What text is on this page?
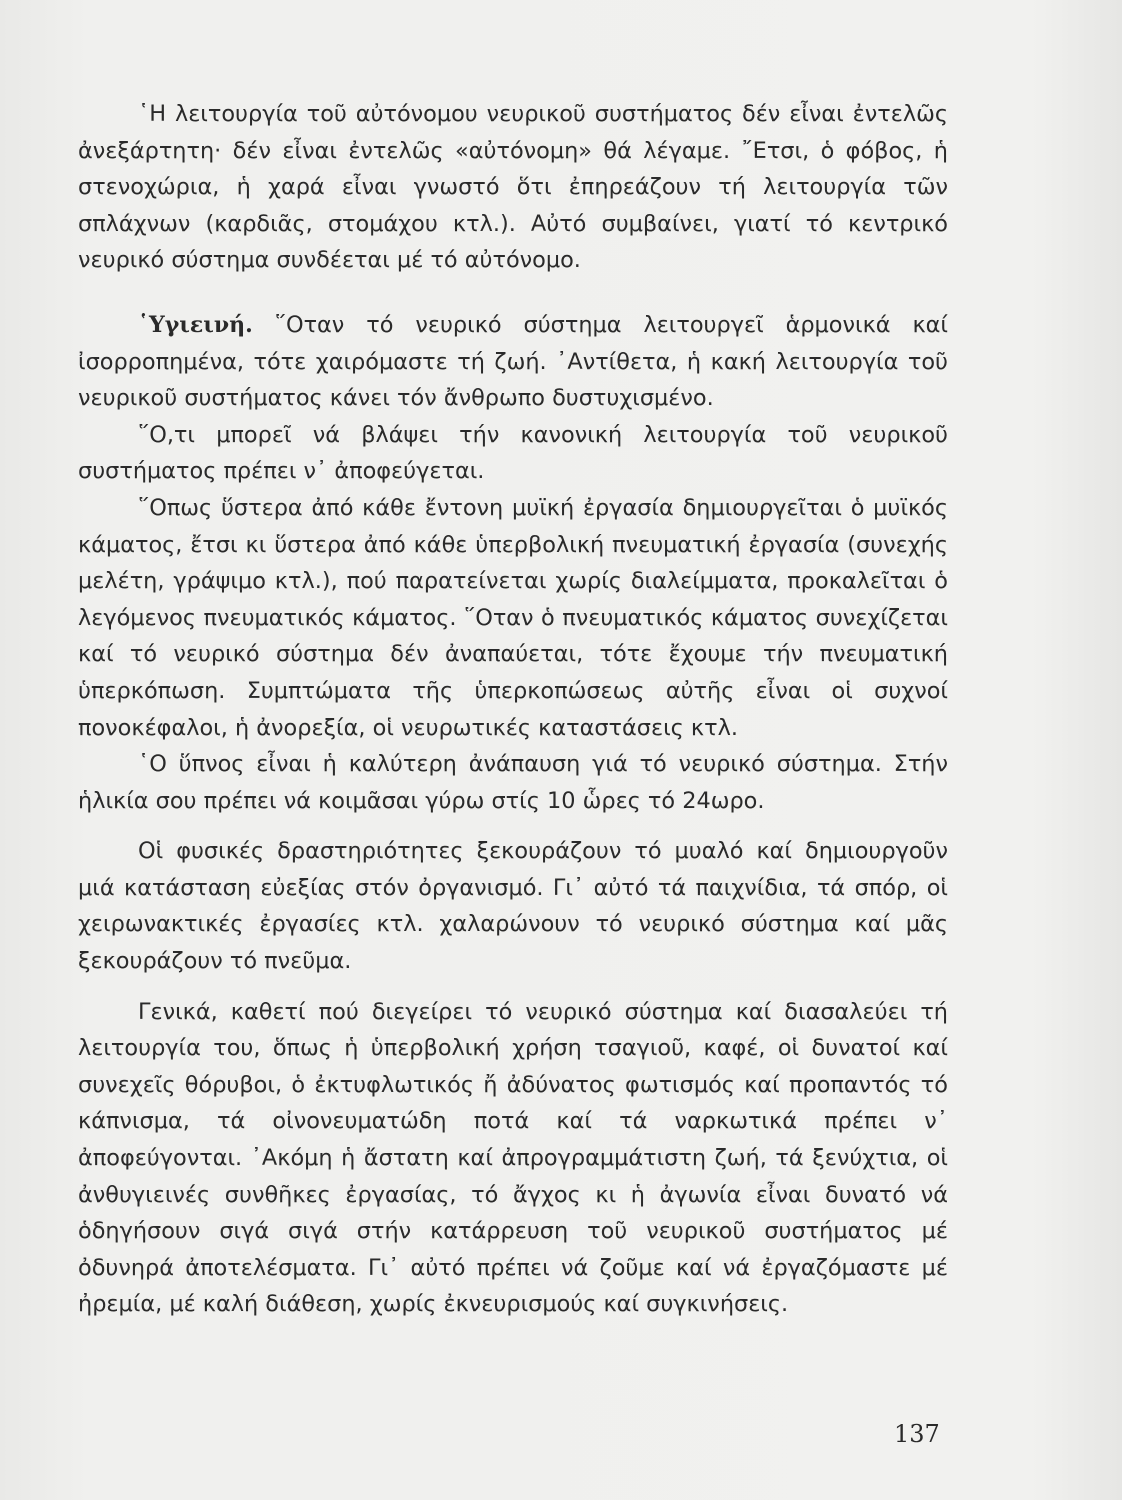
῾Η λειτουργία τοῦ αὐτόνομου νευρικοῦ συστήματος δέν εἶναι ἐντελῶς ἀνεξάρτητη· δέν εἶναι ἐντελῶς «αὐτόνομη» θά λέγαμε. ῎Ετσι, ὁ φόβος, ἡ στενοχώρια, ἡ χαρά εἶναι γνωστό ὅτι ἐπηρεάζουν τή λειτουργία τῶν σπλάχνων (καρδιᾶς, στομάχου κτλ.). Αὐτό συμβαίνει, γιατί τό κεντρικό νευρικό σύστημα συνδέεται μέ τό αὐτόνομο.

῾Υγιεινή. ῞Οταν τό νευρικό σύστημα λειτουργεῖ ἁρμονικά καί ἰσορροπημένα, τότε χαιρόμαστε τή ζωή. ᾿Αντίθετα, ἡ κακή λειτουργία τοῦ νευρικοῦ συστήματος κάνει τόν ἄνθρωπο δυστυχισμένο.

῞Ο,τι μπορεῖ νά βλάψει τήν κανονική λειτουργία τοῦ νευρικοῦ συστήματος πρέπει ν᾿ ἀποφεύγεται.

῞Οπως ὕστερα ἀπό κάθε ἔντονη μυϊκή ἐργασία δημιουργεῖται ὁ μυϊκός κάματος, ἔτσι κι ὕστερα ἀπό κάθε ὑπερβολική πνευματική ἐργασία (συνεχής μελέτη, γράψιμο κτλ.), πού παρατείνεται χωρίς διαλείμματα, προκαλεῖται ὁ λεγόμενος πνευματικός κάματος. ῞Οταν ὁ πνευματικός κάματος συνεχίζεται καί τό νευρικό σύστημα δέν ἀναπαύεται, τότε ἔχουμε τήν πνευματική ὑπερκόπωση. Συμπτώματα τῆς ὑπερκοπώσεως αὐτῆς εἶναι οἱ συχνοί πονοκέφαλοι, ἡ ἀνορεξία, οἱ νευρωτικές καταστάσεις κτλ.

῾Ο ὕπνος εἶναι ἡ καλύτερη ἀνάπαυση γιά τό νευρικό σύστημα. Στήν ἡλικία σου πρέπει νά κοιμᾶσαι γύρω στίς 10 ὧρες τό 24ωρο.

Οἱ φυσικές δραστηριότητες ξεκουράζουν τό μυαλό καί δημιουργοῦν μιά κατάσταση εὐεξίας στόν ὀργανισμό. Γι᾿ αὐτό τά παιχνίδια, τά σπόρ, οἱ χειρωνακτικές ἐργασίες κτλ. χαλαρώνουν τό νευρικό σύστημα καί μᾶς ξεκουράζουν τό πνεῦμα.

Γενικά, καθετί πού διεγείρει τό νευρικό σύστημα καί διασαλεύει τή λειτουργία του, ὅπως ἡ ὑπερβολική χρήση τσαγιοῦ, καφέ, οἱ δυνατοί καί συνεχεῖς θόρυβοι, ὁ ἐκτυφλωτικός ἤ ἀδύνατος φωτισμός καί προπαντός τό κάπνισμα, τά οἰνονευματώδη ποτά καί τά ναρκωτικά πρέπει ν᾿ ἀποφεύγονται. ᾿Ακόμη ἡ ἄστατη καί ἀπρογραμμάτιστη ζωή, τά ξενύχτια, οἱ ἀνθυγιεινές συνθῆκες ἐργασίας, τό ἄγχος κι ἡ ἀγωνία εἶναι δυνατό νά ὁδηγήσουν σιγά σιγά στήν κατάρρευση τοῦ νευρικοῦ συστήματος μέ ὀδυνηρά ἀποτελέσματα. Γι᾿ αὐτό πρέπει νά ζοῦμε καί νά ἐργαζόμαστε μέ ἠρεμία, μέ καλή διάθεση, χωρίς ἐκνευρισμούς καί συγκινήσεις.

137
